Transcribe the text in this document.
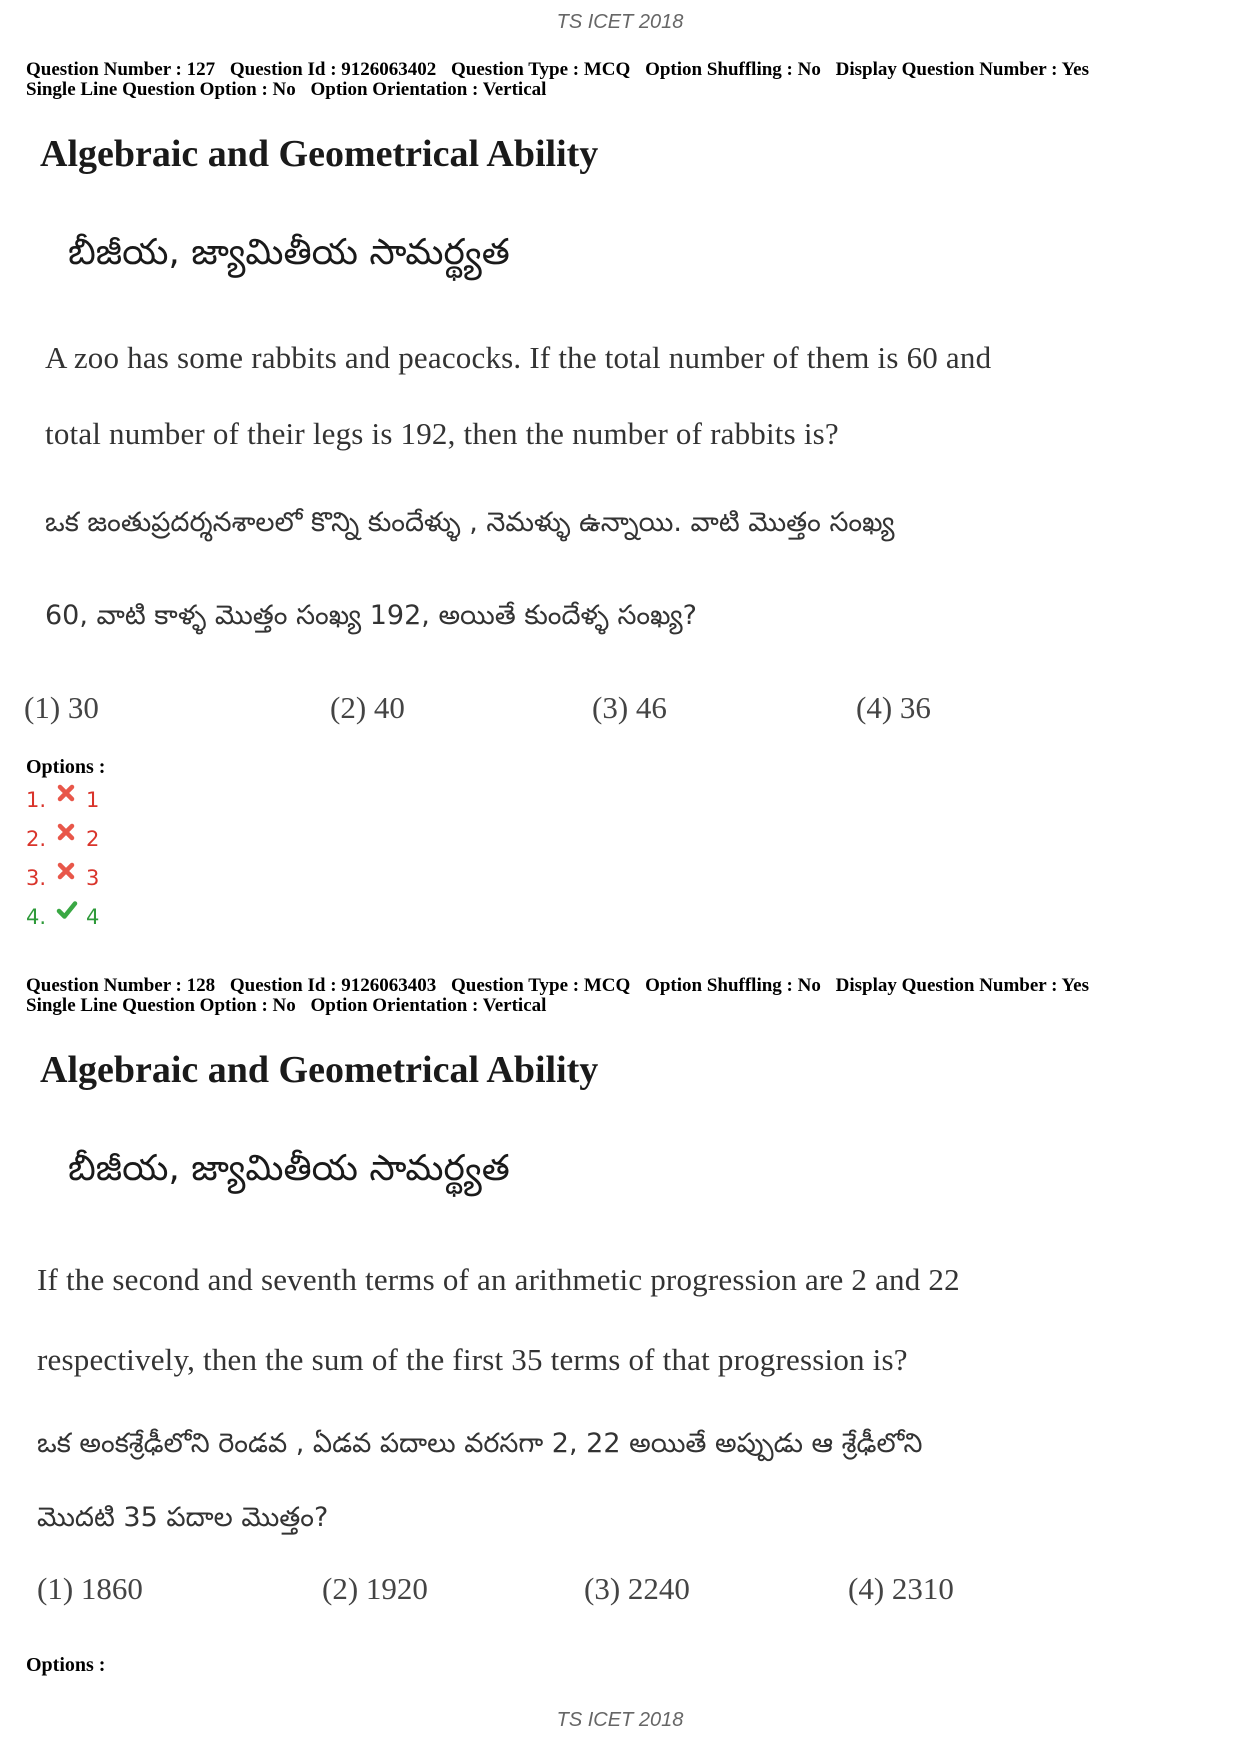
TS ICET 2018
Question Number : 127 Question Id : 9126063402 Question Type : MCQ Option Shuffling : No Display Question Number : Yes
Single Line Question Option : No Option Orientation : Vertical
Algebraic and Geometrical Ability
బీజీయ, జ్యామితీయ సామర్థ్యత
A zoo has some rabbits and peacocks. If the total number of them is 60 and
total number of their legs is 192, then the number of rabbits is?
ఒక జంతుప్రదర్శనశాలలో కొన్ని కుందేళ్ళు , నెమళ్ళు ఉన్నాయి. వాటి మొత్తం సంఖ్య
60, వాటి కాళ్ళ మొత్తం సంఖ్య 192, అయితే కుందేళ్ళ సంఖ్య?
(1) 30	(2) 40	(3) 46	(4) 36
Options :
1. 1
2. 2
3. 3
4. 4
Question Number : 128 Question Id : 9126063403 Question Type : MCQ Option Shuffling : No Display Question Number : Yes
Single Line Question Option : No Option Orientation : Vertical
Algebraic and Geometrical Ability
బీజీయ, జ్యామితీయ సామర్థ్యత
If the second and seventh terms of an arithmetic progression are 2 and 22
respectively, then the sum of the first 35 terms of that progression is?
ఒక అంకశ్రేఢీలోని రెండవ , ఏడవ పదాలు వరసగా 2, 22 అయితే అప్పుడు ఆ శ్రేఢీలోని
మొదటి 35 పదాల మొత్తం?
(1) 1860	(2) 1920	(3) 2240	(4) 2310
Options :
TS ICET 2018
